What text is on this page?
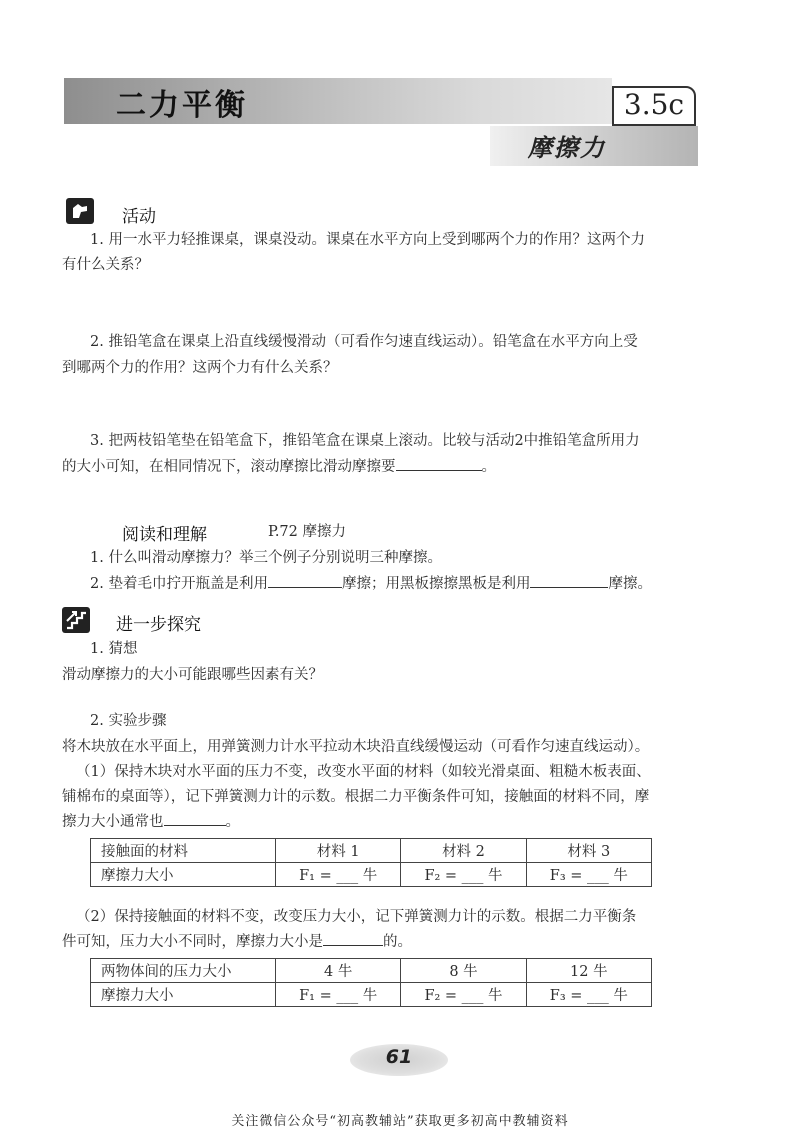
二力平衡	3.5c
摩擦力
活动
1. 用一水平力轻推课桌，课桌没动。课桌在水平方向上受到哪两个力的作用？这两个力
有什么关系？
2. 推铅笔盒在课桌上沿直线缓慢滑动（可看作匀速直线运动）。铅笔盒在水平方向上受
到哪两个力的作用？这两个力有什么关系？
3. 把两枝铅笔垫在铅笔盒下，推铅笔盒在课桌上滚动。比较与活动2中推铅笔盒所用力
的大小可知，在相同情况下，滚动摩擦比滑动摩擦要	。
阅读和理解	P.72 摩擦力
1. 什么叫滑动摩擦力？举三个例子分别说明三种摩擦。
2. 垫着毛巾拧开瓶盖是利用	摩擦；用黑板擦擦黑板是利用	摩擦。
进一步探究
1. 猜想
滑动摩擦力的大小可能跟哪些因素有关？
2. 实验步骤
将木块放在水平面上，用弹簧测力计水平拉动木块沿直线缓慢运动（可看作匀速直线运动）。
（1）保持木块对水平面的压力不变，改变水平面的材料（如较光滑桌面、粗糙木板表面、
铺棉布的桌面等），记下弹簧测力计的示数。根据二力平衡条件可知，接触面的材料不同，摩
擦力大小通常也	。
接触面的材料	材料 1	材料 2	材料 3
摩擦力大小	F₁ = ___ 牛	F₂ = ___ 牛	F₃ = ___ 牛
（2）保持接触面的材料不变，改变压力大小，记下弹簧测力计的示数。根据二力平衡条
件可知，压力大小不同时，摩擦力大小是	的。
两物体间的压力大小	4 牛	8 牛	12 牛
摩擦力大小	F₁ = ___ 牛	F₂ = ___ 牛	F₃ = ___ 牛
61
关注微信公众号“初高教辅站”获取更多初高中教辅资料
